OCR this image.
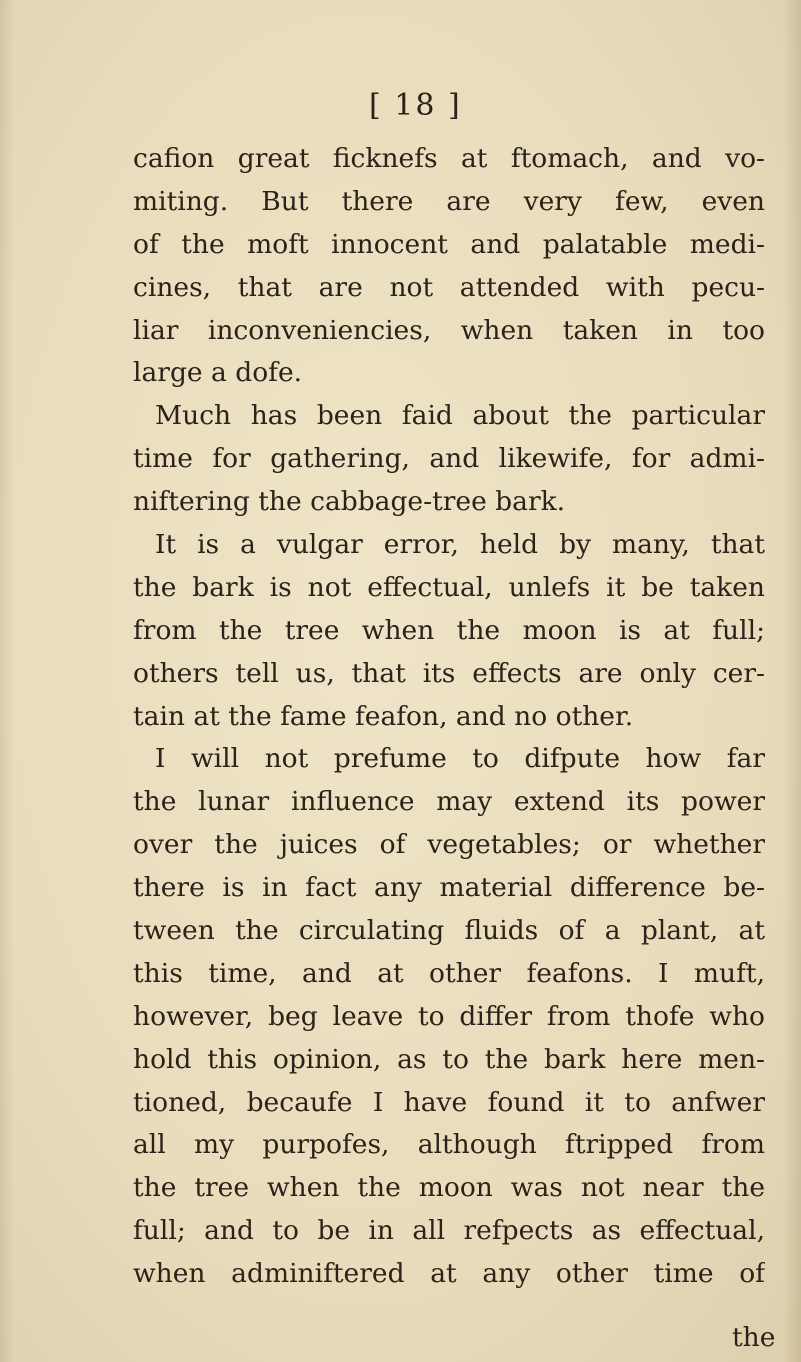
[ 18 ]
cafion great ficknefs at ftomach, and vo-
miting. But there are very few, even
of the moft innocent and palatable medi-
cines, that are not attended with pecu-
liar inconveniencies, when taken in too
large a dofe.
Much has been faid about the particular
time for gathering, and likewife, for admi-
niftering the cabbage-tree bark.
It is a vulgar error, held by many, that
the bark is not effectual, unlefs it be taken
from the tree when the moon is at full;
others tell us, that its effects are only cer-
tain at the fame feafon, and no other.
I will not prefume to difpute how far
the lunar influence may extend its power
over the juices of vegetables; or whether
there is in fact any material difference be-
tween the circulating fluids of a plant, at
this time, and at other feafons. I muft,
however, beg leave to differ from thofe who
hold this opinion, as to the bark here men-
tioned, becaufe I have found it to anfwer
all my purpofes, although ftripped from
the tree when the moon was not near the
full; and to be in all refpects as effectual,
when adminiftered at any other time of
the
